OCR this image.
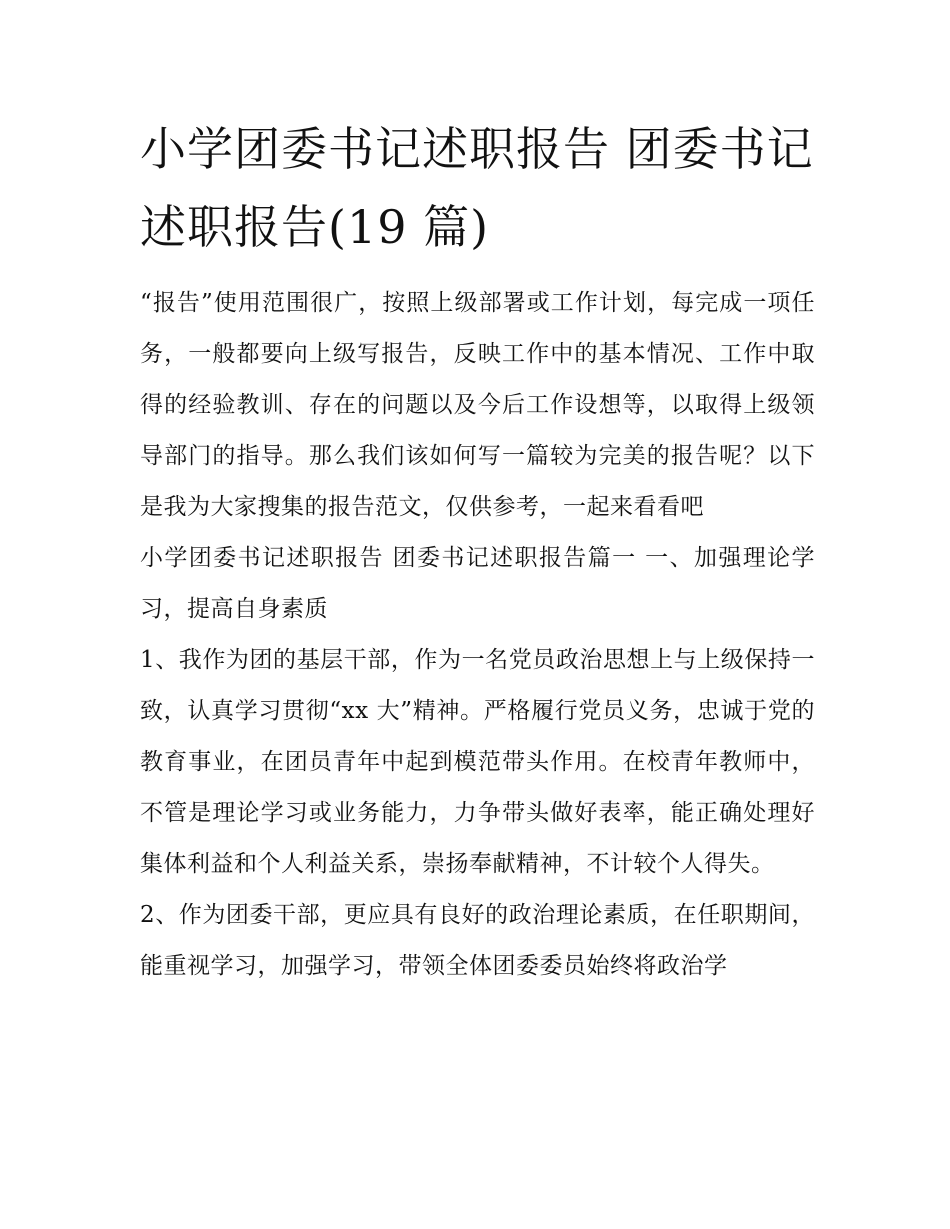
小学团委书记述职报告 团委书记述职报告(19 篇)

“报告”使用范围很广，按照上级部署或工作计划，每完成一项任务，一般都要向上级写报告，反映工作中的基本情况、工作中取得的经验教训、存在的问题以及今后工作设想等，以取得上级领导部门的指导。那么我们该如何写一篇较为完美的报告呢？以下是我为大家搜集的报告范文，仅供参考，一起来看看吧

小学团委书记述职报告 团委书记述职报告篇一 一、加强理论学习，提高自身素质

1、我作为团的基层干部，作为一名党员政治思想上与上级保持一致，认真学习贯彻“xx 大”精神。严格履行党员义务，忠诚于党的教育事业，在团员青年中起到模范带头作用。在校青年教师中，不管是理论学习或业务能力，力争带头做好表率，能正确处理好集体利益和个人利益关系，崇扬奉献精神，不计较个人得失。

2、作为团委干部，更应具有良好的政治理论素质，在任职期间，能重视学习，加强学习，带领全体团委委员始终将政治学
